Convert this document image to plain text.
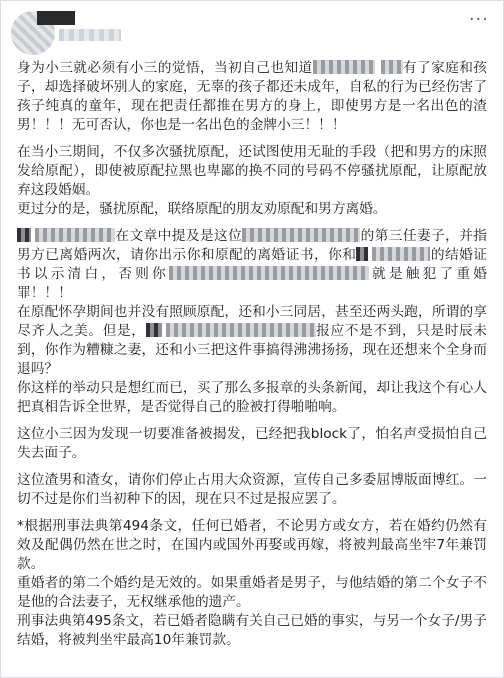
···

身为小三就必须有小三的觉悟，当初自己也知道	有了家庭和孩子，却选择破坏别人的家庭，无辜的孩子都还未成年，自私的行为已经伤害了孩子纯真的童年，现在把责任都推在男方的身上，即使男方是一名出色的渣男！！！无可否认，你也是一名出色的金牌小三！！！

在当小三期间，不仅多次骚扰原配，还试图使用无耻的手段（把和男方的床照发给原配），即使被原配拉黑也卑鄙的换不同的号码不停骚扰原配，让原配放弃这段婚姻。
更过分的是，骚扰原配，联络原配的朋友劝原配和男方离婚。

在文章中提及是这位	的第三任妻子，并指男方已离婚两次，请你出示你和原配的离婚证书，你和	的结婚证书以示清白，否则你	就是触犯了重婚罪！！！
在原配怀孕期间也并没有照顾原配，还和小三同居，甚至还两头跑，所谓的享尽齐人之美。但是，	报应不是不到，只是时辰未到，你作为糟糠之妻，还和小三把这件事搞得沸沸扬扬，现在还想来个全身而退吗？
你这样的举动只是想红而已，买了那么多报章的头条新闻，却让我这个有心人把真相告诉全世界，是否觉得自己的脸被打得啪啪响。

这位小三因为发现一切要准备被揭发，已经把我block了，怕名声受损怕自己失去面子。

这位渣男和渣女，请你们停止占用大众资源，宣传自己多委屈博版面博红。一切不过是你们当初种下的因，现在只不过是报应罢了。

*根据刑事法典第494条文，任何已婚者，不论男方或女方，若在婚约仍然有效及配偶仍然在世之时，在国内或国外再娶或再嫁，将被判最高坐牢7年兼罚款。
重婚者的第二个婚约是无效的。如果重婚者是男子，与他结婚的第二个女子不是他的合法妻子，无权继承他的遗产。
刑事法典第495条文，若已婚者隐瞒有关自己已婚的事实，与另一个女子/男子结婚，将被判坐牢最高10年兼罚款。
